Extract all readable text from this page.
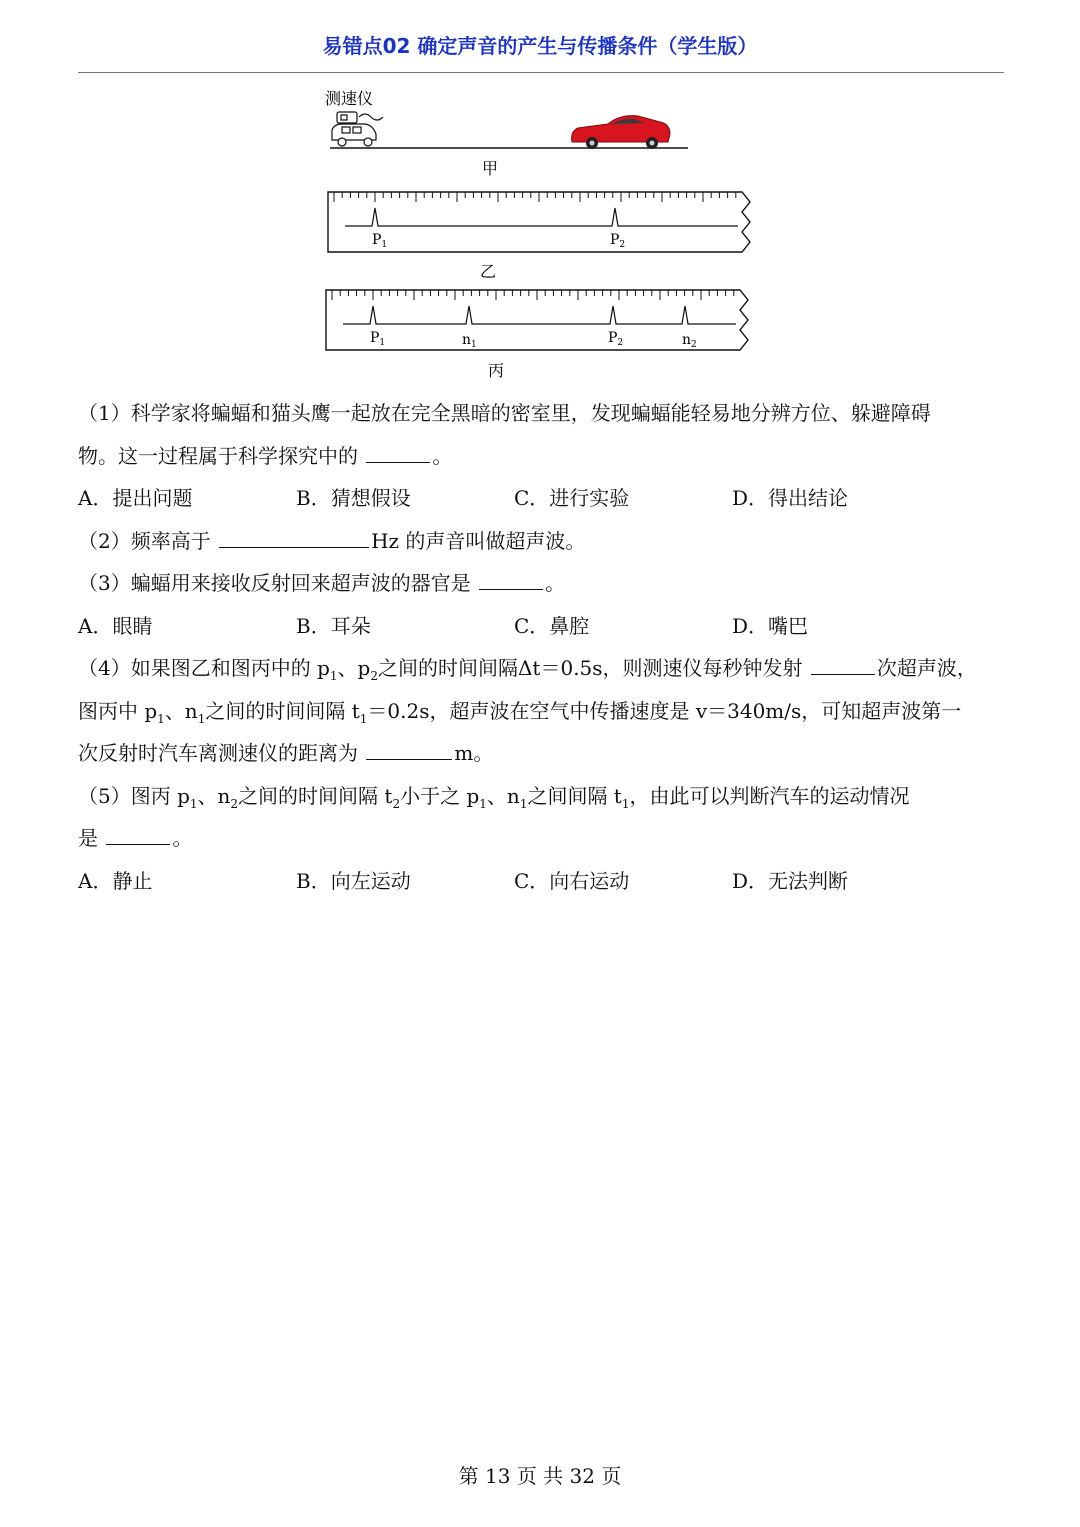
易错点02 确定声音的产生与传播条件（学生版）
测速仪
甲
$P_1$	$P_2$
乙
$P_1$	$n_1$	$P_2$	$n_2$
丙
（1）科学家将蝙蝠和猫头鹰一起放在完全黑暗的密室里，发现蝙蝠能轻易地分辨方位、躲避障碍
物。这一过程属于科学探究中的	。
A．提出问题	B．猜想假设	C．进行实验	D．得出结论
（2）频率高于	Hz 的声音叫做超声波。
（3）蝙蝠用来接收反射回来超声波的器官是	。
A．眼睛	B．耳朵	C．鼻腔	D．嘴巴
（4）如果图乙和图丙中的 $p_1$、$p_2$之间的时间间隔Δt＝0.5s，则测速仪每秒钟发射	次超声波，
图丙中 $p_1$、$n_1$之间的时间间隔 $t_1=0.2s$，超声波在空气中传播速度是 v＝340m/s，可知超声波第一
次反射时汽车离测速仪的距离为	m。
（5）图丙 $p_1$、$n_2$之间的时间间隔 $t_2$小于之 $p_1$、$n_1$之间间隔 $t_1$，由此可以判断汽车的运动情况
是	。
A．静止	B．向左运动	C．向右运动	D．无法判断
第 13 页 共 32 页
